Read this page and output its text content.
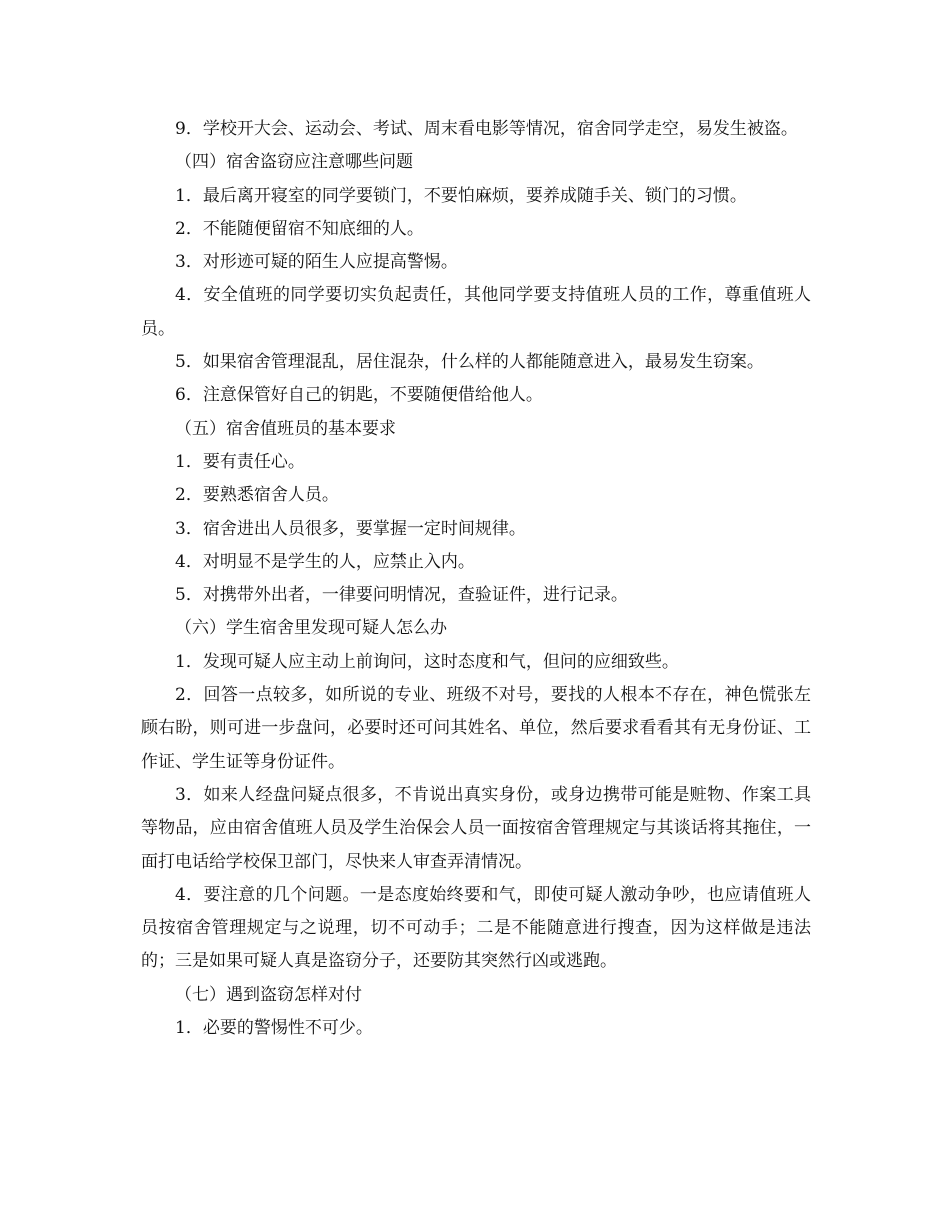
9．学校开大会、运动会、考试、周末看电影等情况，宿舍同学走空，易发生被盗。

（四）宿舍盗窃应注意哪些问题

1．最后离开寝室的同学要锁门，不要怕麻烦，要养成随手关、锁门的习惯。

2．不能随便留宿不知底细的人。

3．对形迹可疑的陌生人应提高警惕。

4．安全值班的同学要切实负起责任，其他同学要支持值班人员的工作，尊重值班人员。

5．如果宿舍管理混乱，居住混杂，什么样的人都能随意进入，最易发生窃案。

6．注意保管好自己的钥匙，不要随便借给他人。

（五）宿舍值班员的基本要求

1．要有责任心。

2．要熟悉宿舍人员。

3．宿舍进出人员很多，要掌握一定时间规律。

4．对明显不是学生的人，应禁止入内。

5．对携带外出者，一律要问明情况，查验证件，进行记录。

（六）学生宿舍里发现可疑人怎么办

1．发现可疑人应主动上前询问，这时态度和气，但问的应细致些。

2．回答一点较多，如所说的专业、班级不对号，要找的人根本不存在，神色慌张左顾右盼，则可进一步盘问，必要时还可问其姓名、单位，然后要求看看其有无身份证、工作证、学生证等身份证件。

3．如来人经盘问疑点很多，不肯说出真实身份，或身边携带可能是赃物、作案工具等物品，应由宿舍值班人员及学生治保会人员一面按宿舍管理规定与其谈话将其拖住，一面打电话给学校保卫部门，尽快来人审查弄清情况。

4．要注意的几个问题。一是态度始终要和气，即使可疑人激动争吵，也应请值班人员按宿舍管理规定与之说理，切不可动手；二是不能随意进行搜查，因为这样做是违法的；三是如果可疑人真是盗窃分子，还要防其突然行凶或逃跑。

（七）遇到盗窃怎样对付

1．必要的警惕性不可少。
